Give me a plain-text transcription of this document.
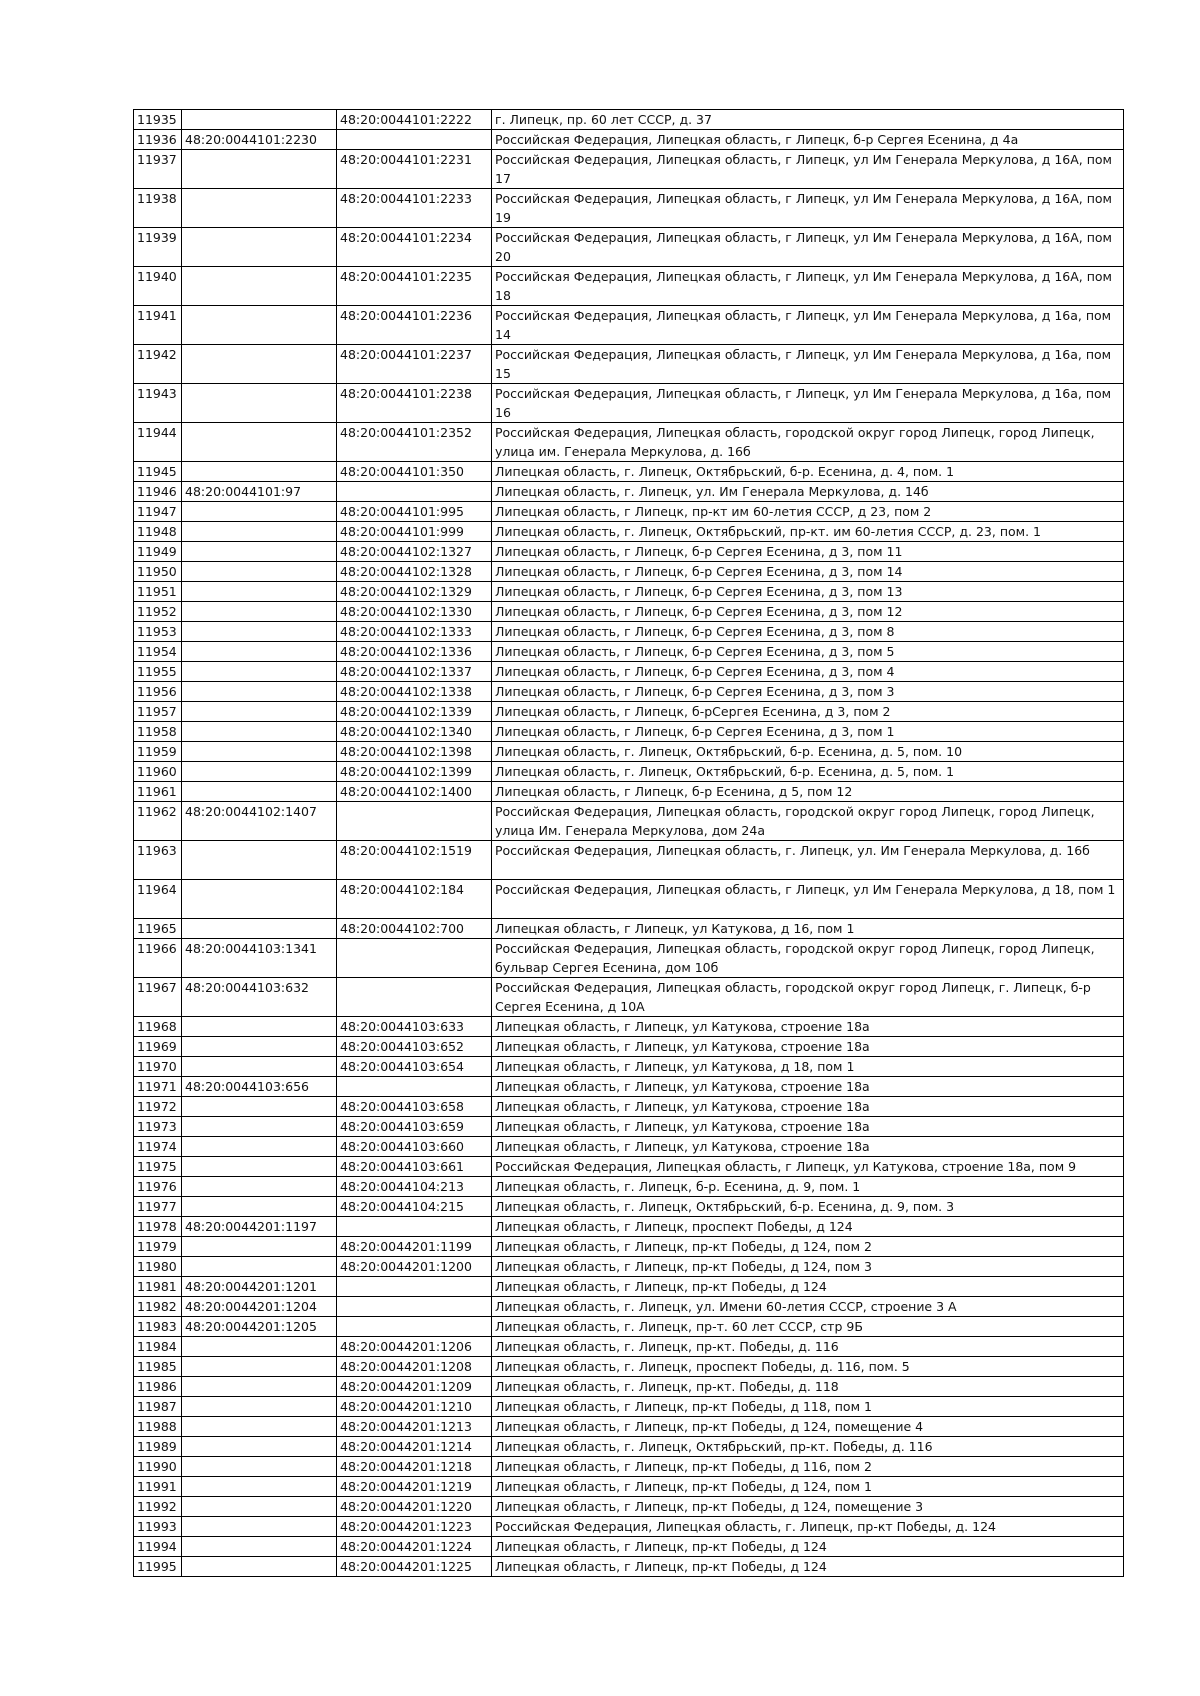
11935		48:20:0044101:2222	г. Липецк, пр. 60 лет СССР, д. 37
11936	48:20:0044101:2230		Российская Федерация, Липецкая область, г Липецк, б-р Сергея Есенина, д 4а
11937		48:20:0044101:2231	Российская Федерация, Липецкая область, г Липецк, ул Им Генерала Меркулова, д 16А, пом 17
11938		48:20:0044101:2233	Российская Федерация, Липецкая область, г Липецк, ул Им Генерала Меркулова, д 16А, пом 19
11939		48:20:0044101:2234	Российская Федерация, Липецкая область, г Липецк, ул Им Генерала Меркулова, д 16А, пом 20
11940		48:20:0044101:2235	Российская Федерация, Липецкая область, г Липецк, ул Им Генерала Меркулова, д 16А, пом 18
11941		48:20:0044101:2236	Российская Федерация, Липецкая область, г Липецк, ул Им Генерала Меркулова, д 16а, пом 14
11942		48:20:0044101:2237	Российская Федерация, Липецкая область, г Липецк, ул Им Генерала Меркулова, д 16а, пом 15
11943		48:20:0044101:2238	Российская Федерация, Липецкая область, г Липецк, ул Им Генерала Меркулова, д 16а, пом 16
11944		48:20:0044101:2352	Российская Федерация, Липецкая область, городской округ город Липецк, город Липецк, улица им. Генерала Меркулова, д. 16б
11945		48:20:0044101:350	Липецкая область, г. Липецк, Октябрьский, б-р. Есенина, д. 4, пом. 1
11946	48:20:0044101:97		Липецкая область, г. Липецк, ул. Им Генерала Меркулова, д. 14б
11947		48:20:0044101:995	Липецкая область, г Липецк, пр-кт им 60-летия СССР, д 23, пом 2
11948		48:20:0044101:999	Липецкая область, г. Липецк, Октябрьский, пр-кт. им 60-летия СССР, д. 23, пом. 1
11949		48:20:0044102:1327	Липецкая область, г Липецк, б-р Сергея Есенина, д 3, пом 11
11950		48:20:0044102:1328	Липецкая область, г Липецк, б-р Сергея Есенина, д 3, пом 14
11951		48:20:0044102:1329	Липецкая область, г Липецк, б-р Сергея Есенина, д 3, пом 13
11952		48:20:0044102:1330	Липецкая область, г Липецк, б-р Сергея Есенина, д 3, пом 12
11953		48:20:0044102:1333	Липецкая область, г Липецк, б-р Сергея Есенина, д 3, пом 8
11954		48:20:0044102:1336	Липецкая область, г Липецк, б-р Сергея Есенина, д 3, пом 5
11955		48:20:0044102:1337	Липецкая область, г Липецк, б-р Сергея Есенина, д 3, пом 4
11956		48:20:0044102:1338	Липецкая область, г Липецк, б-р Сергея Есенина, д 3, пом 3
11957		48:20:0044102:1339	Липецкая область, г Липецк, б-рСергея Есенина, д 3, пом 2
11958		48:20:0044102:1340	Липецкая область, г Липецк, б-р Сергея Есенина, д 3, пом 1
11959		48:20:0044102:1398	Липецкая область, г. Липецк, Октябрьский, б-р. Есенина, д. 5, пом. 10
11960		48:20:0044102:1399	Липецкая область, г. Липецк, Октябрьский, б-р. Есенина, д. 5, пом. 1
11961		48:20:0044102:1400	Липецкая область, г Липецк, б-р Есенина, д 5, пом 12
11962	48:20:0044102:1407		Российская Федерация, Липецкая область, городской округ город Липецк, город Липецк, улица Им. Генерала Меркулова, дом 24а
11963		48:20:0044102:1519	Российская Федерация, Липецкая область, г. Липецк, ул. Им Генерала Меркулова, д. 16б
11964		48:20:0044102:184	Российская Федерация, Липецкая область, г Липецк, ул Им Генерала Меркулова, д 18, пом 1
11965		48:20:0044102:700	Липецкая область, г Липецк, ул Катукова, д 16, пом 1
11966	48:20:0044103:1341		Российская Федерация, Липецкая область, городской округ город Липецк, город Липецк, бульвар Сергея Есенина, дом 10б
11967	48:20:0044103:632		Российская Федерация, Липецкая область, городской округ город Липецк, г. Липецк, б-р Сергея Есенина, д 10А
11968		48:20:0044103:633	Липецкая область, г Липецк, ул Катукова, строение 18а
11969		48:20:0044103:652	Липецкая область, г Липецк, ул Катукова, строение 18а
11970		48:20:0044103:654	Липецкая область, г Липецк, ул Катукова, д 18, пом 1
11971	48:20:0044103:656		Липецкая область, г Липецк, ул Катукова, строение 18а
11972		48:20:0044103:658	Липецкая область, г Липецк, ул Катукова, строение 18а
11973		48:20:0044103:659	Липецкая область, г Липецк, ул Катукова, строение 18а
11974		48:20:0044103:660	Липецкая область, г Липецк, ул Катукова, строение 18а
11975		48:20:0044103:661	Российская Федерация, Липецкая область, г Липецк, ул Катукова, строение 18а, пом 9
11976		48:20:0044104:213	Липецкая область, г. Липецк, б-р. Есенина, д. 9, пом. 1
11977		48:20:0044104:215	Липецкая область, г. Липецк, Октябрьский, б-р. Есенина, д. 9, пом. 3
11978	48:20:0044201:1197		Липецкая область, г Липецк, проспект Победы, д 124
11979		48:20:0044201:1199	Липецкая область, г Липецк, пр-кт Победы, д 124, пом 2
11980		48:20:0044201:1200	Липецкая область, г Липецк, пр-кт Победы, д 124, пом 3
11981	48:20:0044201:1201		Липецкая область, г Липецк, пр-кт Победы, д 124
11982	48:20:0044201:1204		Липецкая область, г. Липецк, ул. Имени 60-летия СССР, строение 3 А
11983	48:20:0044201:1205		Липецкая область, г. Липецк, пр-т. 60 лет СССР, стр 9Б
11984		48:20:0044201:1206	Липецкая область, г. Липецк, пр-кт. Победы, д. 116
11985		48:20:0044201:1208	Липецкая область, г. Липецк, проспект Победы, д. 116, пом. 5
11986		48:20:0044201:1209	Липецкая область, г. Липецк, пр-кт. Победы, д. 118
11987		48:20:0044201:1210	Липецкая область, г Липецк, пр-кт Победы, д 118, пом 1
11988		48:20:0044201:1213	Липецкая область, г Липецк, пр-кт Победы, д 124, помещение 4
11989		48:20:0044201:1214	Липецкая область, г. Липецк, Октябрьский, пр-кт. Победы, д. 116
11990		48:20:0044201:1218	Липецкая область, г Липецк, пр-кт Победы, д 116, пом 2
11991		48:20:0044201:1219	Липецкая область, г Липецк, пр-кт Победы, д 124, пом 1
11992		48:20:0044201:1220	Липецкая область, г Липецк, пр-кт Победы, д 124, помещение 3
11993		48:20:0044201:1223	Российская Федерация, Липецкая область, г. Липецк, пр-кт Победы, д. 124
11994		48:20:0044201:1224	Липецкая область, г Липецк, пр-кт Победы, д 124
11995		48:20:0044201:1225	Липецкая область, г Липецк, пр-кт Победы, д 124
